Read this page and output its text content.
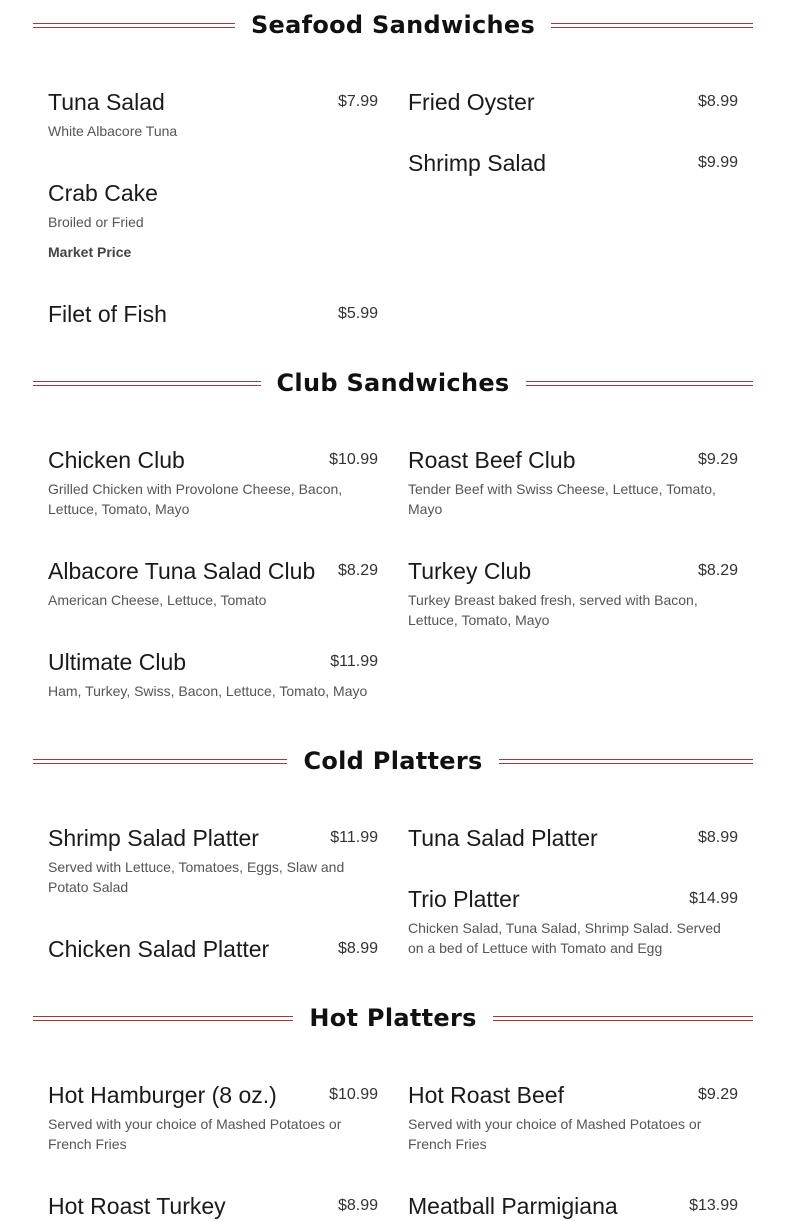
Seafood Sandwiches
Tuna Salad	$7.99
White Albacore Tuna
Crab Cake
Broiled or Fried
Market Price
Filet of Fish	$5.99
Fried Oyster	$8.99
Shrimp Salad	$9.99
Club Sandwiches
Chicken Club	$10.99
Grilled Chicken with Provolone Cheese, Bacon, Lettuce, Tomato, Mayo
Albacore Tuna Salad Club	$8.29
American Cheese, Lettuce, Tomato
Ultimate Club	$11.99
Ham, Turkey, Swiss, Bacon, Lettuce, Tomato, Mayo
Roast Beef Club	$9.29
Tender Beef with Swiss Cheese, Lettuce, Tomato, Mayo
Turkey Club	$8.29
Turkey Breast baked fresh, served with Bacon, Lettuce, Tomato, Mayo
Cold Platters
Shrimp Salad Platter	$11.99
Served with Lettuce, Tomatoes, Eggs, Slaw and Potato Salad
Chicken Salad Platter	$8.99
Tuna Salad Platter	$8.99
Trio Platter	$14.99
Chicken Salad, Tuna Salad, Shrimp Salad. Served on a bed of Lettuce with Tomato and Egg
Hot Platters
Hot Hamburger (8 oz.)	$10.99
Served with your choice of Mashed Potatoes or French Fries
Hot Roast Turkey	$8.99
Hot Roast Beef	$9.29
Served with your choice of Mashed Potatoes or French Fries
Meatball Parmigiana	$13.99
